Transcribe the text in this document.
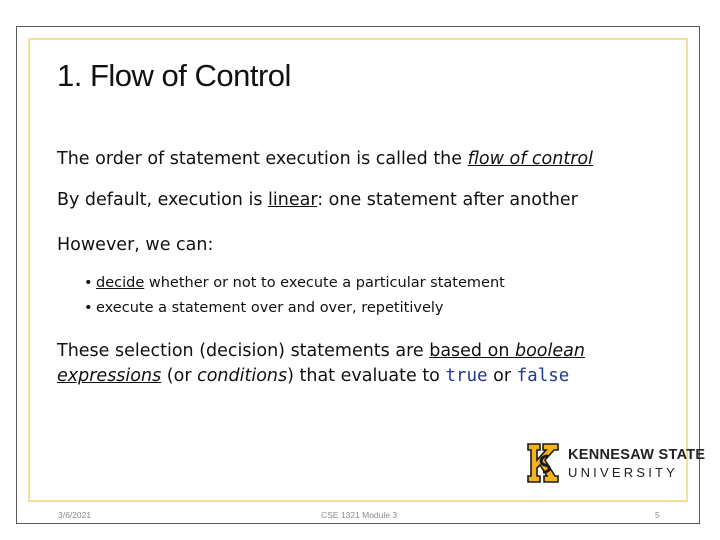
1. Flow of Control
The order of statement execution is called the flow of control
By default, execution is linear: one statement after another
However, we can:
• decide whether or not to execute a particular statement
• execute a statement over and over, repetitively
These selection (decision) statements are based on boolean
expressions (or conditions) that evaluate to true or false
KENNESAW STATE
UNIVERSITY
3/6/2021	CSE 1321 Module 3	5
